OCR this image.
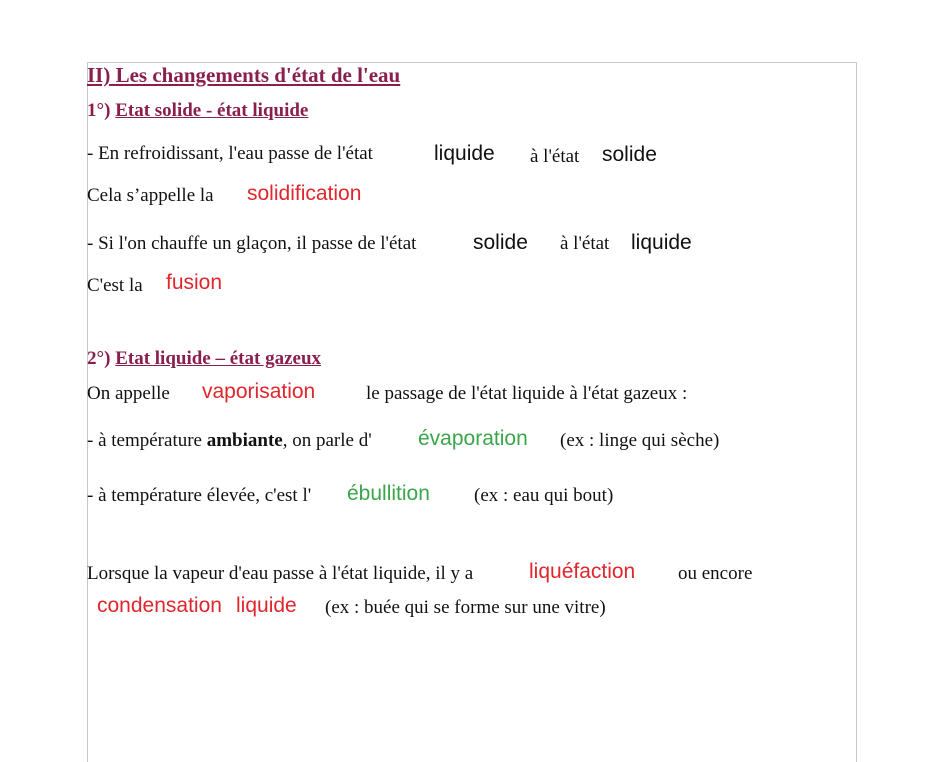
II) Les changements d'état de l'eau
1°) Etat solide - état liquide
- En refroidissant, l'eau passe de l'état	liquide à l'état solide
Cela s’appelle la solidification
- Si l'on chauffe un glaçon, il passe de l'état	solide à l'état liquide
C'est la fusion
2°) Etat liquide – état gazeux
On appelle vaporisation	le passage de l'état liquide à l'état gazeux :
- à température ambiante, on parle d' évaporation (ex : linge qui sèche)
- à température élevée, c'est l' ébullition (ex : eau qui bout)
Lorsque la vapeur d'eau passe à l'état liquide, il y a	liquéfaction ou encore
condensation liquide (ex : buée qui se forme sur une vitre)
